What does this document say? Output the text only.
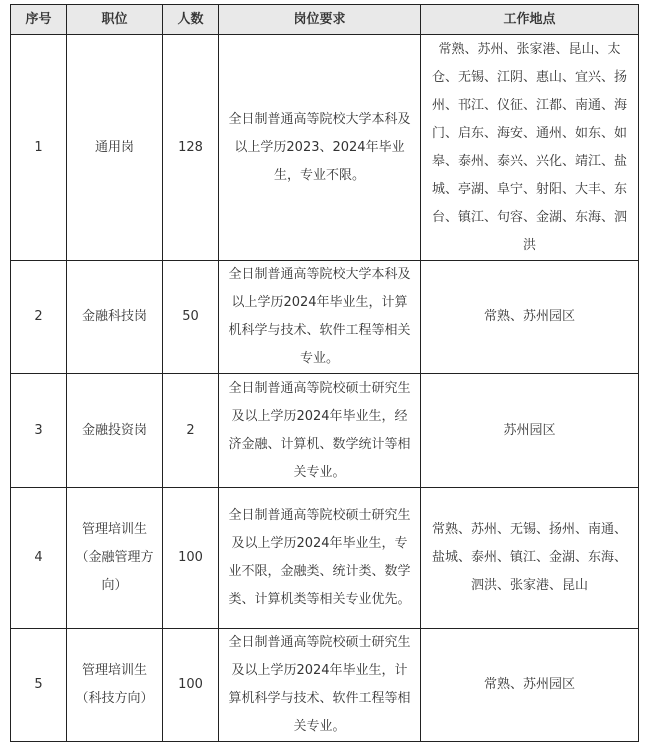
序号	职位	人数	岗位要求	工作地点
1	通用岗	128	全日制普通高等院校大学本科及以上学历2023、2024年毕业生，专业不限。	常熟、苏州、张家港、昆山、太仓、无锡、江阴、惠山、宜兴、扬州、邗江、仪征、江都、南通、海门、启东、海安、通州、如东、如皋、泰州、泰兴、兴化、靖江、盐城、亭湖、阜宁、射阳、大丰、东台、镇江、句容、金湖、东海、泗洪
2	金融科技岗	50	全日制普通高等院校大学本科及以上学历2024年毕业生，计算机科学与技术、软件工程等相关专业。	常熟、苏州园区
3	金融投资岗	2	全日制普通高等院校硕士研究生及以上学历2024年毕业生，经济金融、计算机、数学统计等相关专业。	苏州园区
4	管理培训生（金融管理方向）	100	全日制普通高等院校硕士研究生及以上学历2024年毕业生，专业不限，金融类、统计类、数学类、计算机类等相关专业优先。	常熟、苏州、无锡、扬州、南通、盐城、泰州、镇江、金湖、东海、泗洪、张家港、昆山
5	管理培训生（科技方向）	100	全日制普通高等院校硕士研究生及以上学历2024年毕业生，计算机科学与技术、软件工程等相关专业。	常熟、苏州园区
